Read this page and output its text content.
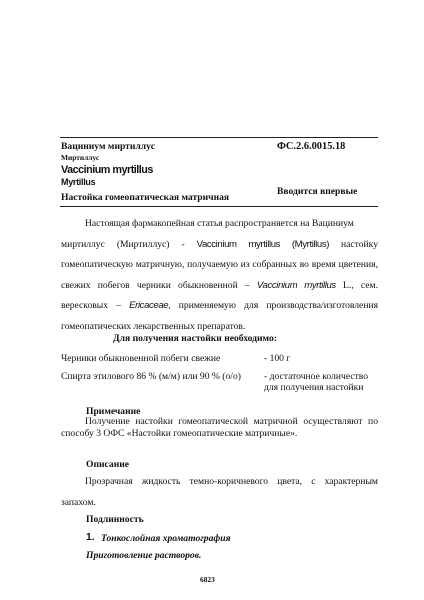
Вациниум миртиллус
Миртиллус
ФС.2.6.0015.18
Vaccinium myrtillus
Myrtillus
Настойка гомеопатическая матричная
Вводится впервые

Настоящая фармакопейная статья распространяется на Вациниум

миртиллус (Миртиллус) - Vaccinium myrtillus (Myrtillus) настойку

гомеопатическую матричную, получаемую из собранных во время цветения,

свежих побегов черники обыкновенной – Vaccinium myrtillus L., сем.

вересковых – Ericaceae, применяемую для производства/изготовления

гомеопатических лекарственных препаратов.

Для получения настойки необходимо:
Черники обыкновенной побеги свежие	- 100 г
Спирта этилового 86 % (м/м) или 90 % (о/о) - достаточное количество
для получения настойки
Примечание

Получение настойки гомеопатической матричной осуществляют по

способу 3 ОФС «Настойки гомеопатические матричные».

Описание

Прозрачная жидкость темно-коричневого цвета, с характерным

запахом.

Подлинность
1. Тонкослойная хроматография
Приготовление растворов.
6823
